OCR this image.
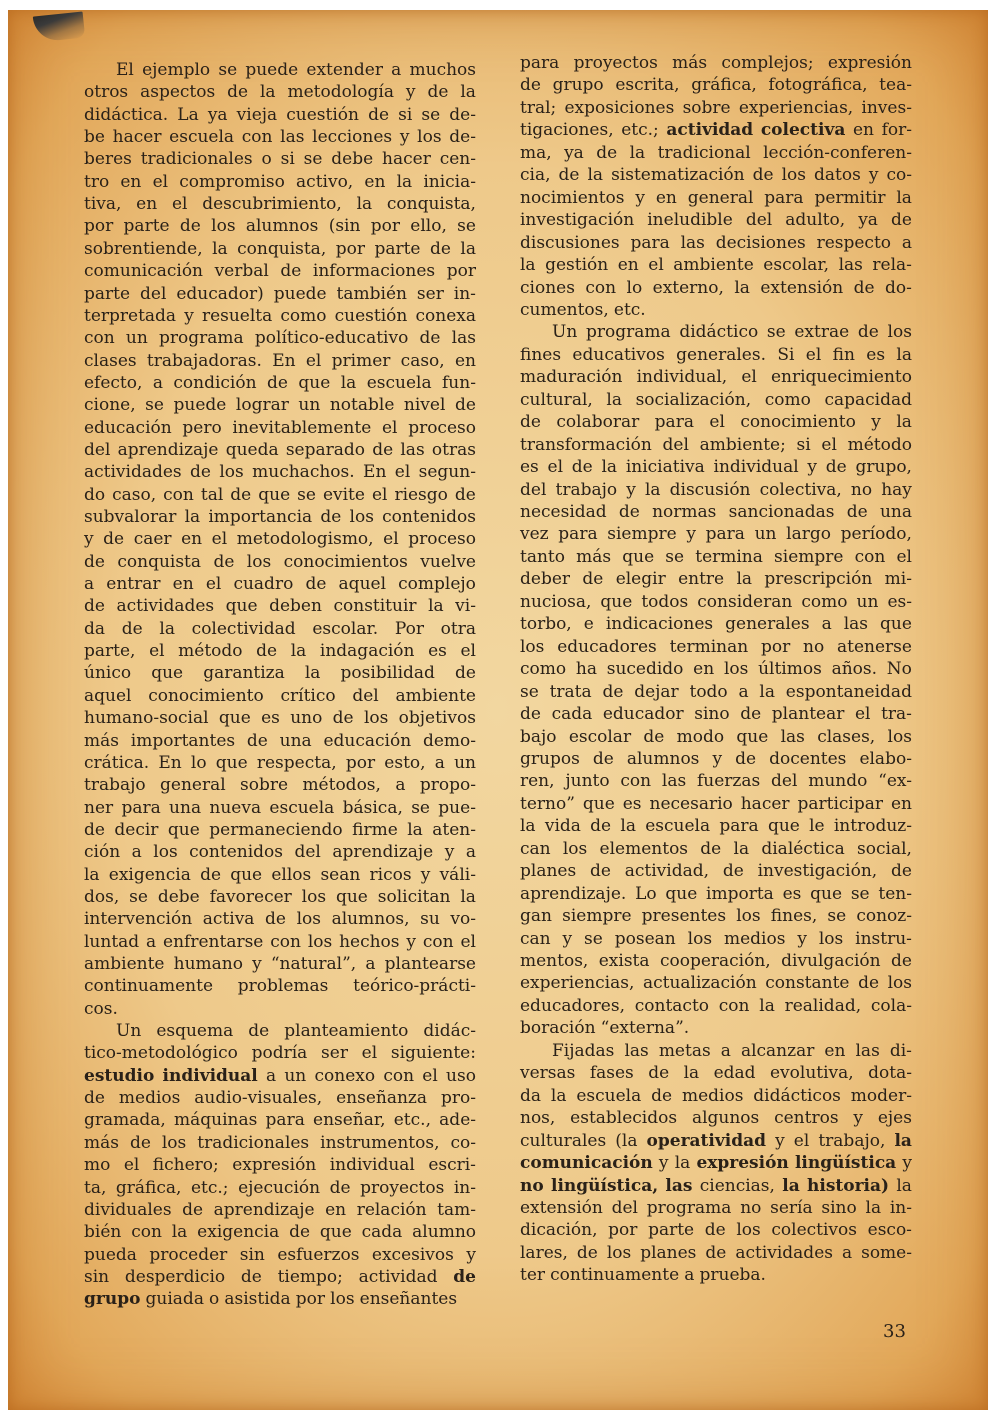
El ejemplo se puede extender a muchos
otros aspectos de la metodología y de la
didáctica. La ya vieja cuestión de si se de-
be hacer escuela con las lecciones y los de-
beres tradicionales o si se debe hacer cen-
tro en el compromiso activo, en la inicia-
tiva, en el descubrimiento, la conquista,
por parte de los alumnos (sin por ello, se
sobrentiende, la conquista, por parte de la
comunicación verbal de informaciones por
parte del educador) puede también ser in-
terpretada y resuelta como cuestión conexa
con un programa político-educativo de las
clases trabajadoras. En el primer caso, en
efecto, a condición de que la escuela fun-
cione, se puede lograr un notable nivel de
educación pero inevitablemente el proceso
del aprendizaje queda separado de las otras
actividades de los muchachos. En el segun-
do caso, con tal de que se evite el riesgo de
subvalorar la importancia de los contenidos
y de caer en el metodologismo, el proceso
de conquista de los conocimientos vuelve
a entrar en el cuadro de aquel complejo
de actividades que deben constituir la vi-
da de la colectividad escolar. Por otra
parte, el método de la indagación es el
único que garantiza la posibilidad de
aquel conocimiento crítico del ambiente
humano-social que es uno de los objetivos
más importantes de una educación demo-
crática. En lo que respecta, por esto, a un
trabajo general sobre métodos, a propo-
ner para una nueva escuela básica, se pue-
de decir que permaneciendo firme la aten-
ción a los contenidos del aprendizaje y a
la exigencia de que ellos sean ricos y váli-
dos, se debe favorecer los que solicitan la
intervención activa de los alumnos, su vo-
luntad a enfrentarse con los hechos y con el
ambiente humano y “natural”, a plantearse
continuamente problemas teórico-prácti-
cos.
Un esquema de planteamiento didác-
tico-metodológico podría ser el siguiente:
estudio individual a un conexo con el uso
de medios audio-visuales, enseñanza pro-
gramada, máquinas para enseñar, etc., ade-
más de los tradicionales instrumentos, co-
mo el fichero; expresión individual escri-
ta, gráfica, etc.; ejecución de proyectos in-
dividuales de aprendizaje en relación tam-
bién con la exigencia de que cada alumno
pueda proceder sin esfuerzos excesivos y
sin desperdicio de tiempo; actividad de
grupo guiada o asistida por los enseñantes
para proyectos más complejos; expresión
de grupo escrita, gráfica, fotográfica, tea-
tral; exposiciones sobre experiencias, inves-
tigaciones, etc.; actividad colectiva en for-
ma, ya de la tradicional lección-conferen-
cia, de la sistematización de los datos y co-
nocimientos y en general para permitir la
investigación ineludible del adulto, ya de
discusiones para las decisiones respecto a
la gestión en el ambiente escolar, las rela-
ciones con lo externo, la extensión de do-
cumentos, etc.
Un programa didáctico se extrae de los
fines educativos generales. Si el fin es la
maduración individual, el enriquecimiento
cultural, la socialización, como capacidad
de colaborar para el conocimiento y la
transformación del ambiente; si el método
es el de la iniciativa individual y de grupo,
del trabajo y la discusión colectiva, no hay
necesidad de normas sancionadas de una
vez para siempre y para un largo período,
tanto más que se termina siempre con el
deber de elegir entre la prescripción mi-
nuciosa, que todos consideran como un es-
torbo, e indicaciones generales a las que
los educadores terminan por no atenerse
como ha sucedido en los últimos años. No
se trata de dejar todo a la espontaneidad
de cada educador sino de plantear el tra-
bajo escolar de modo que las clases, los
grupos de alumnos y de docentes elabo-
ren, junto con las fuerzas del mundo “ex-
terno” que es necesario hacer participar en
la vida de la escuela para que le introduz-
can los elementos de la dialéctica social,
planes de actividad, de investigación, de
aprendizaje. Lo que importa es que se ten-
gan siempre presentes los fines, se conoz-
can y se posean los medios y los instru-
mentos, exista cooperación, divulgación de
experiencias, actualización constante de los
educadores, contacto con la realidad, cola-
boración “externa”.
Fijadas las metas a alcanzar en las di-
versas fases de la edad evolutiva, dota-
da la escuela de medios didácticos moder-
nos, establecidos algunos centros y ejes
culturales (la operatividad y el trabajo, la
comunicación y la expresión lingüística y
no lingüística, las ciencias, la historia) la
extensión del programa no sería sino la in-
dicación, por parte de los colectivos esco-
lares, de los planes de actividades a some-
ter continuamente a prueba.
33
